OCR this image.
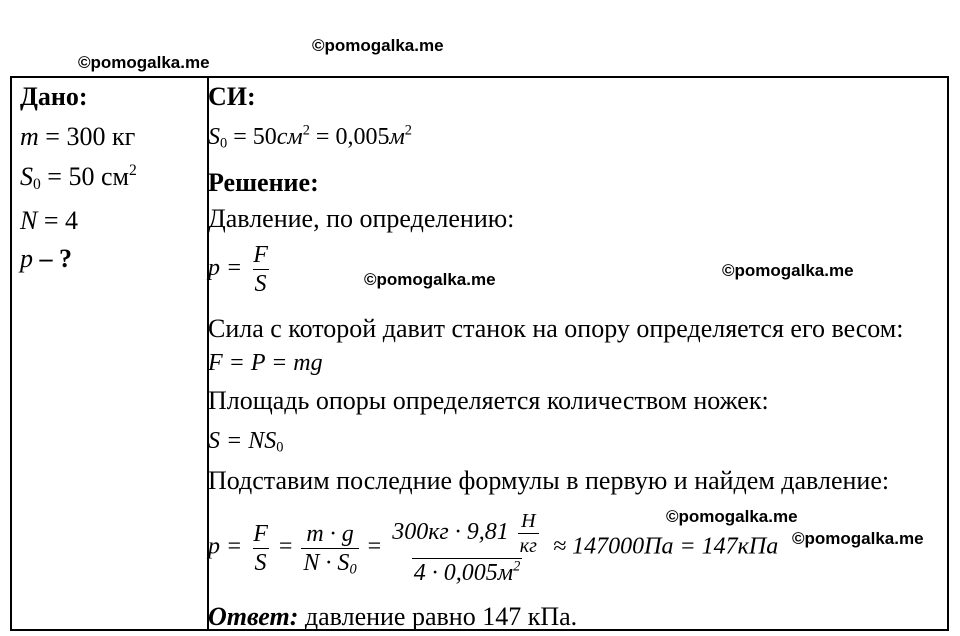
©pomogalka.me
©pomogalka.me
©pomogalka.me	©pomogalka.me
©pomogalka.me
©pomogalka.me
Дано:
m = 300 кг
$S_0 = 50$ $см^2$
N = 4
p – ?
СИ:
$S_0 = 50см^2 = 0,005м^2$
Решение:
Давление, по определению:
$p = \frac{F}{S}$
Сила с которой давит станок на опору определяется его весом:
F = P = mg
Площадь опоры определяется количеством ножек:
$S = NS_0$
Подставим последние формулы в первую и найдем давление:
$p = \frac{F}{S} = \frac{m \cdot g}{N \cdot S_0} = \frac{300кг \cdot 9,81 \frac{Н}{кг}}{4 \cdot 0,005м^2} \approx 147000Па = 147кПа$
Ответ: давление равно 147 кПа.
